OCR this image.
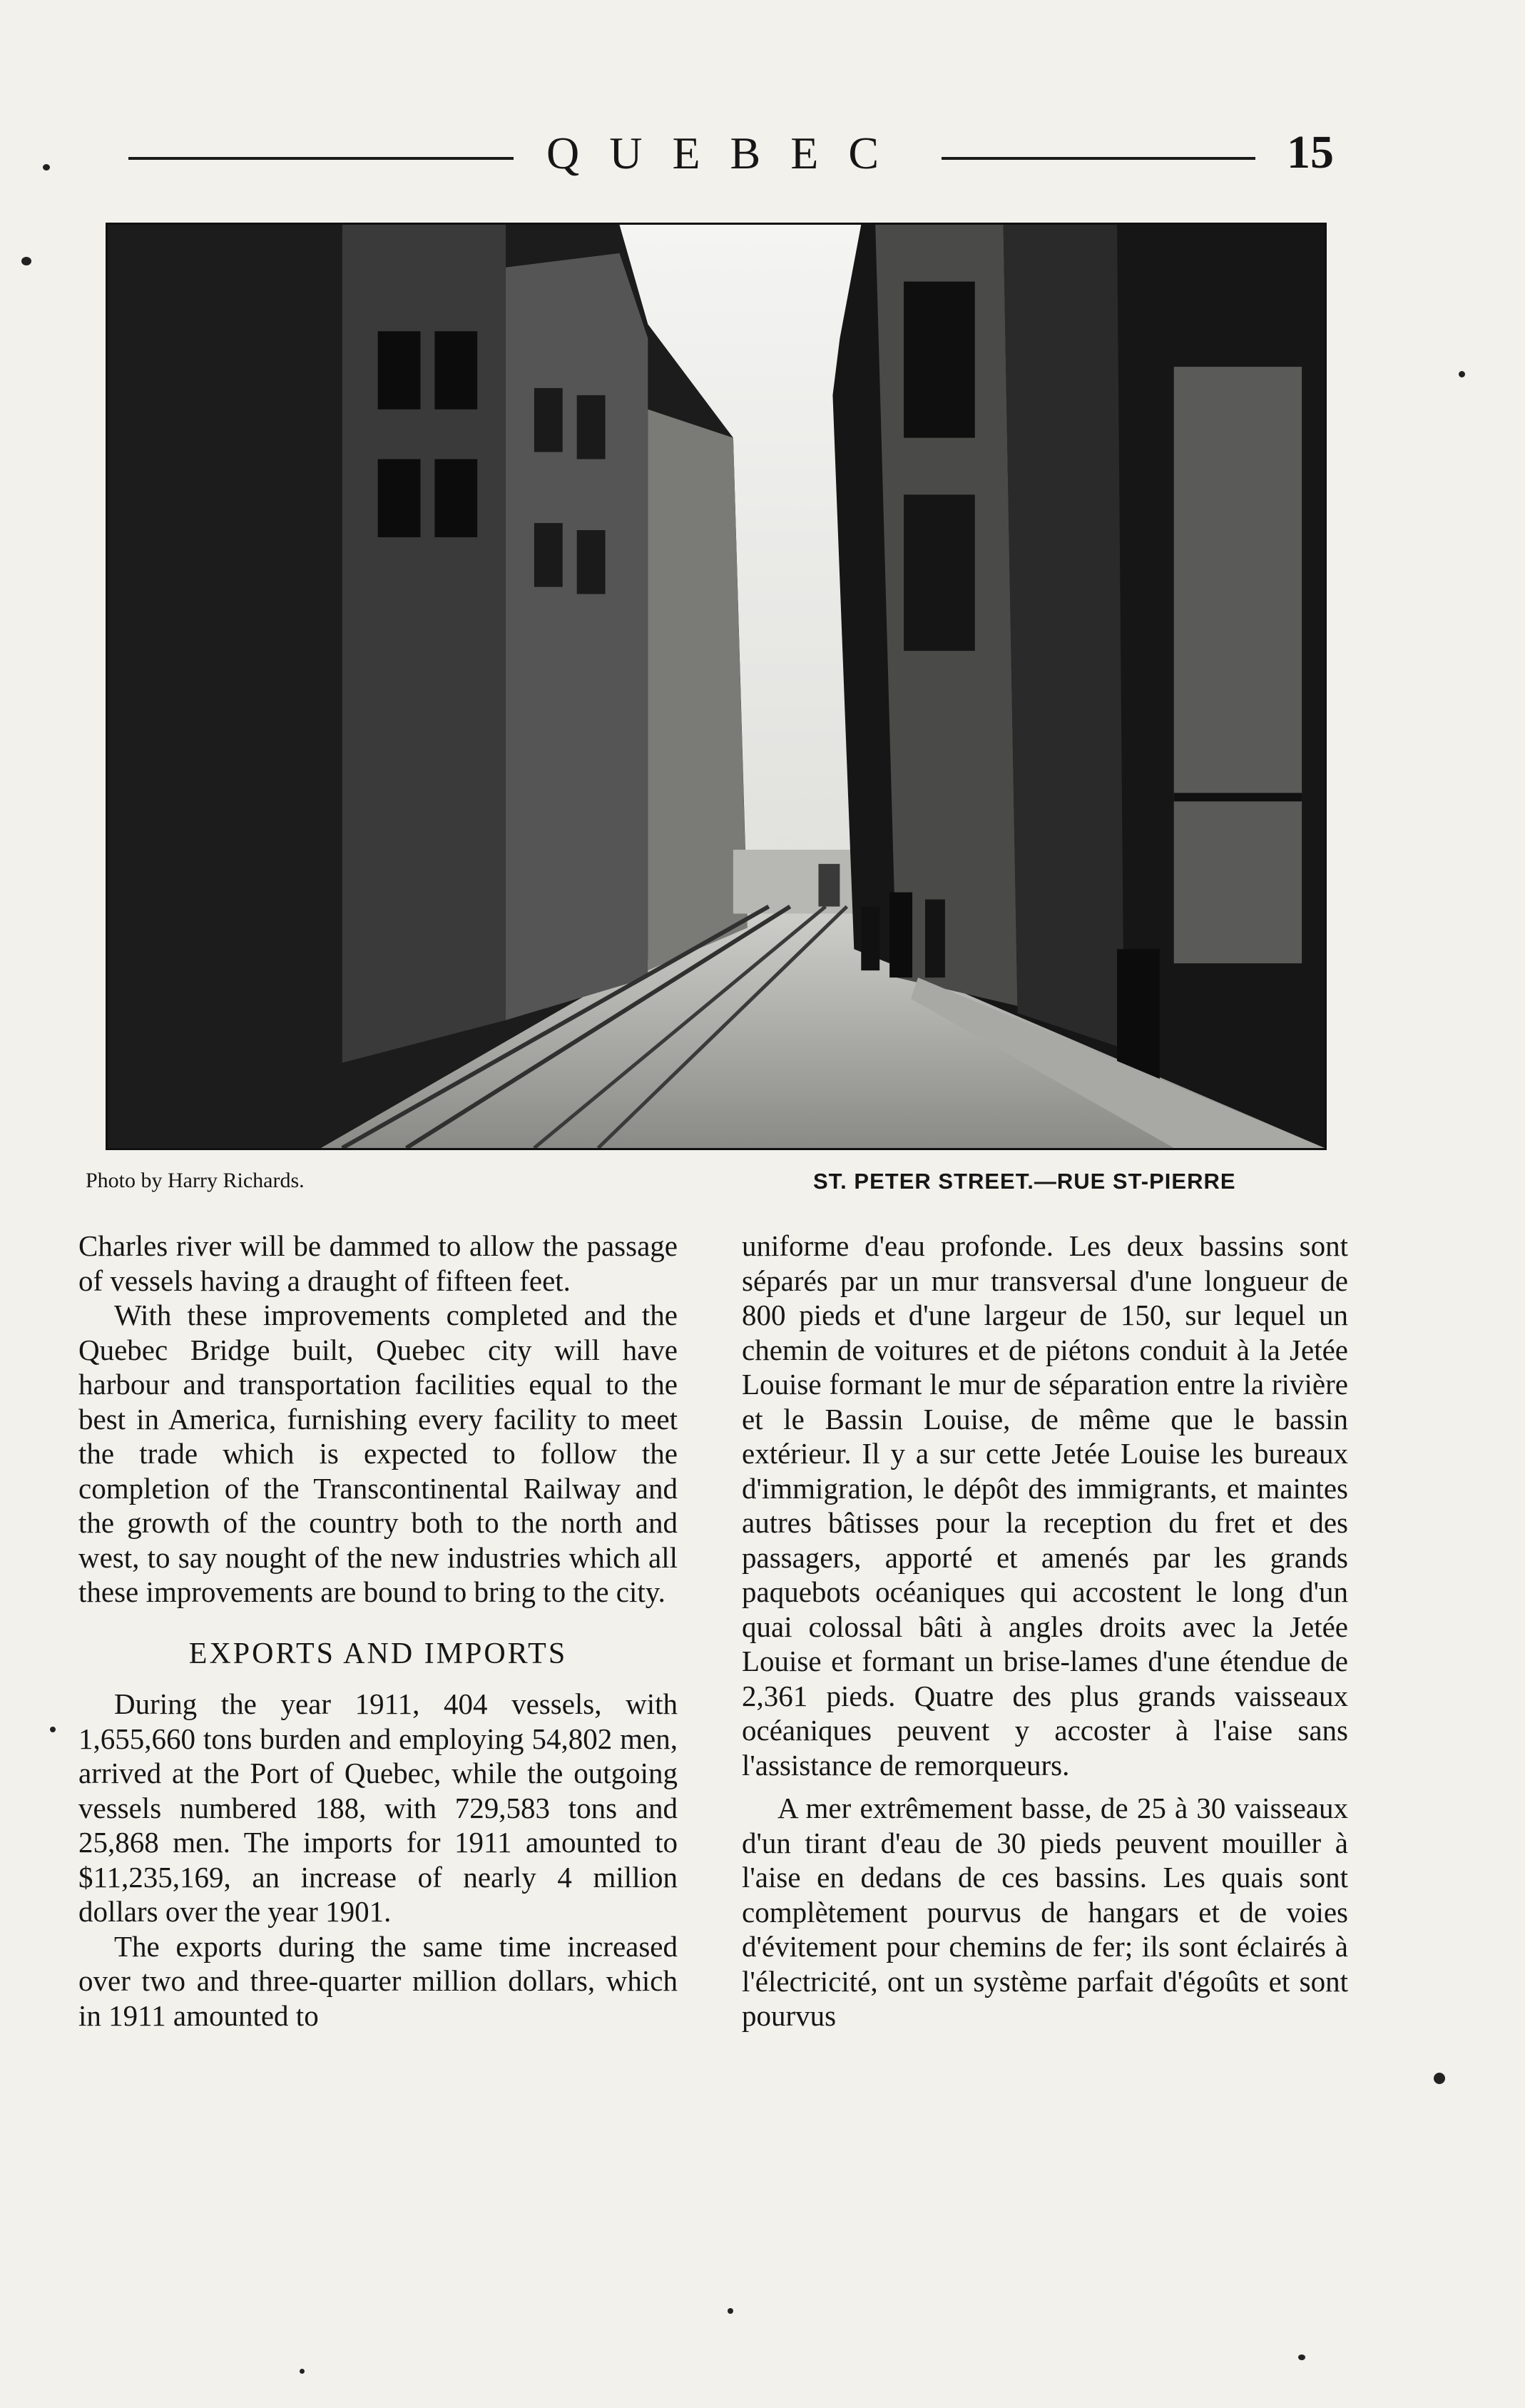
QUEBEC	15
Photo by Harry Richards.	ST. PETER STREET.—RUE ST-PIERRE

Charles river will be dammed to allow the passage of vessels having a draught of fifteen feet.

With these improvements completed and the Quebec Bridge built, Quebec city will have harbour and transportation facilities equal to the best in America, furnishing every facility to meet the trade which is expected to follow the completion of the Transcontinental Railway and the growth of the country both to the north and west, to say nought of the new industries which all these improvements are bound to bring to the city.

EXPORTS AND IMPORTS

During the year 1911, 404 vessels, with 1,655,660 tons burden and employing 54,802 men, arrived at the Port of Quebec, while the outgoing vessels numbered 188, with 729,583 tons and 25,868 men. The imports for 1911 amounted to $11,235,169, an increase of nearly 4 million dollars over the year 1901.

The exports during the same time increased over two and three-quarter million dollars, which in 1911 amounted to

uniforme d'eau profonde. Les deux bassins sont séparés par un mur transversal d'une longueur de 800 pieds et d'une largeur de 150, sur lequel un chemin de voitures et de piétons conduit à la Jetée Louise formant le mur de séparation entre la rivière et le Bassin Louise, de même que le bassin extérieur. Il y a sur cette Jetée Louise les bureaux d'immigration, le dépôt des immigrants, et maintes autres bâtisses pour la reception du fret et des passagers, apporté et amenés par les grands paquebots océaniques qui accostent le long d'un quai colossal bâti à angles droits avec la Jetée Louise et formant un brise-lames d'une étendue de 2,361 pieds. Quatre des plus grands vaisseaux océaniques peuvent y accoster à l'aise sans l'assistance de remorqueurs.

A mer extrêmement basse, de 25 à 30 vaisseaux d'un tirant d'eau de 30 pieds peuvent mouiller à l'aise en dedans de ces bassins. Les quais sont complètement pourvus de hangars et de voies d'évitement pour chemins de fer; ils sont éclairés à l'électricité, ont un système parfait d'égoûts et sont pourvus
